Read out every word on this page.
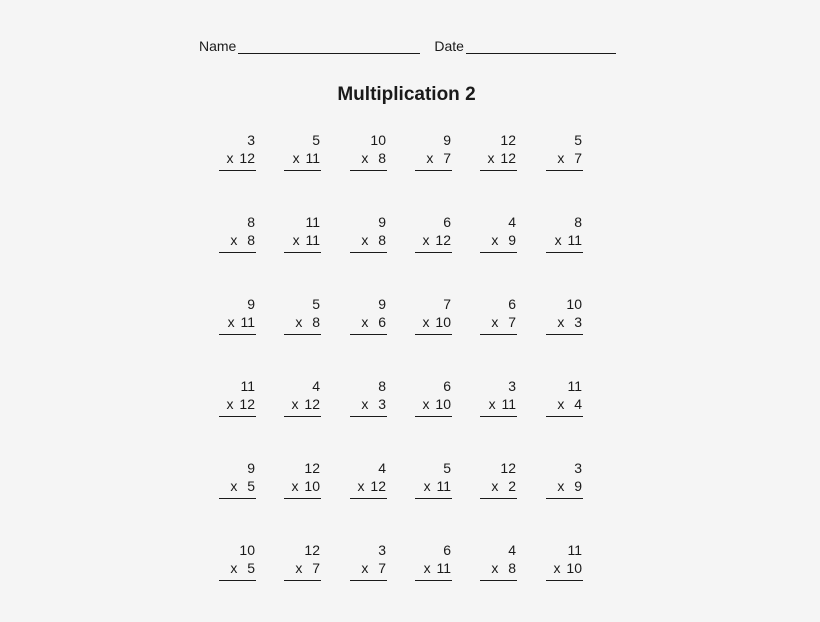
Name	Date
Multiplication 2
3
x 12
5
x 11
10
x  8
9
x  7
12
x 12
5
x  7
8
x  8
11
x 11
9
x  8
6
x 12
4
x  9
8
x 11
9
x 11
5
x  8
9
x  6
7
x 10
6
x  7
10
x  3
11
x 12
4
x 12
8
x  3
6
x 10
3
x 11
11
x  4
9
x  5
12
x 10
4
x 12
5
x 11
12
x  2
3
x  9
10
x  5
12
x  7
3
x  7
6
x 11
4
x  8
11
x 10
